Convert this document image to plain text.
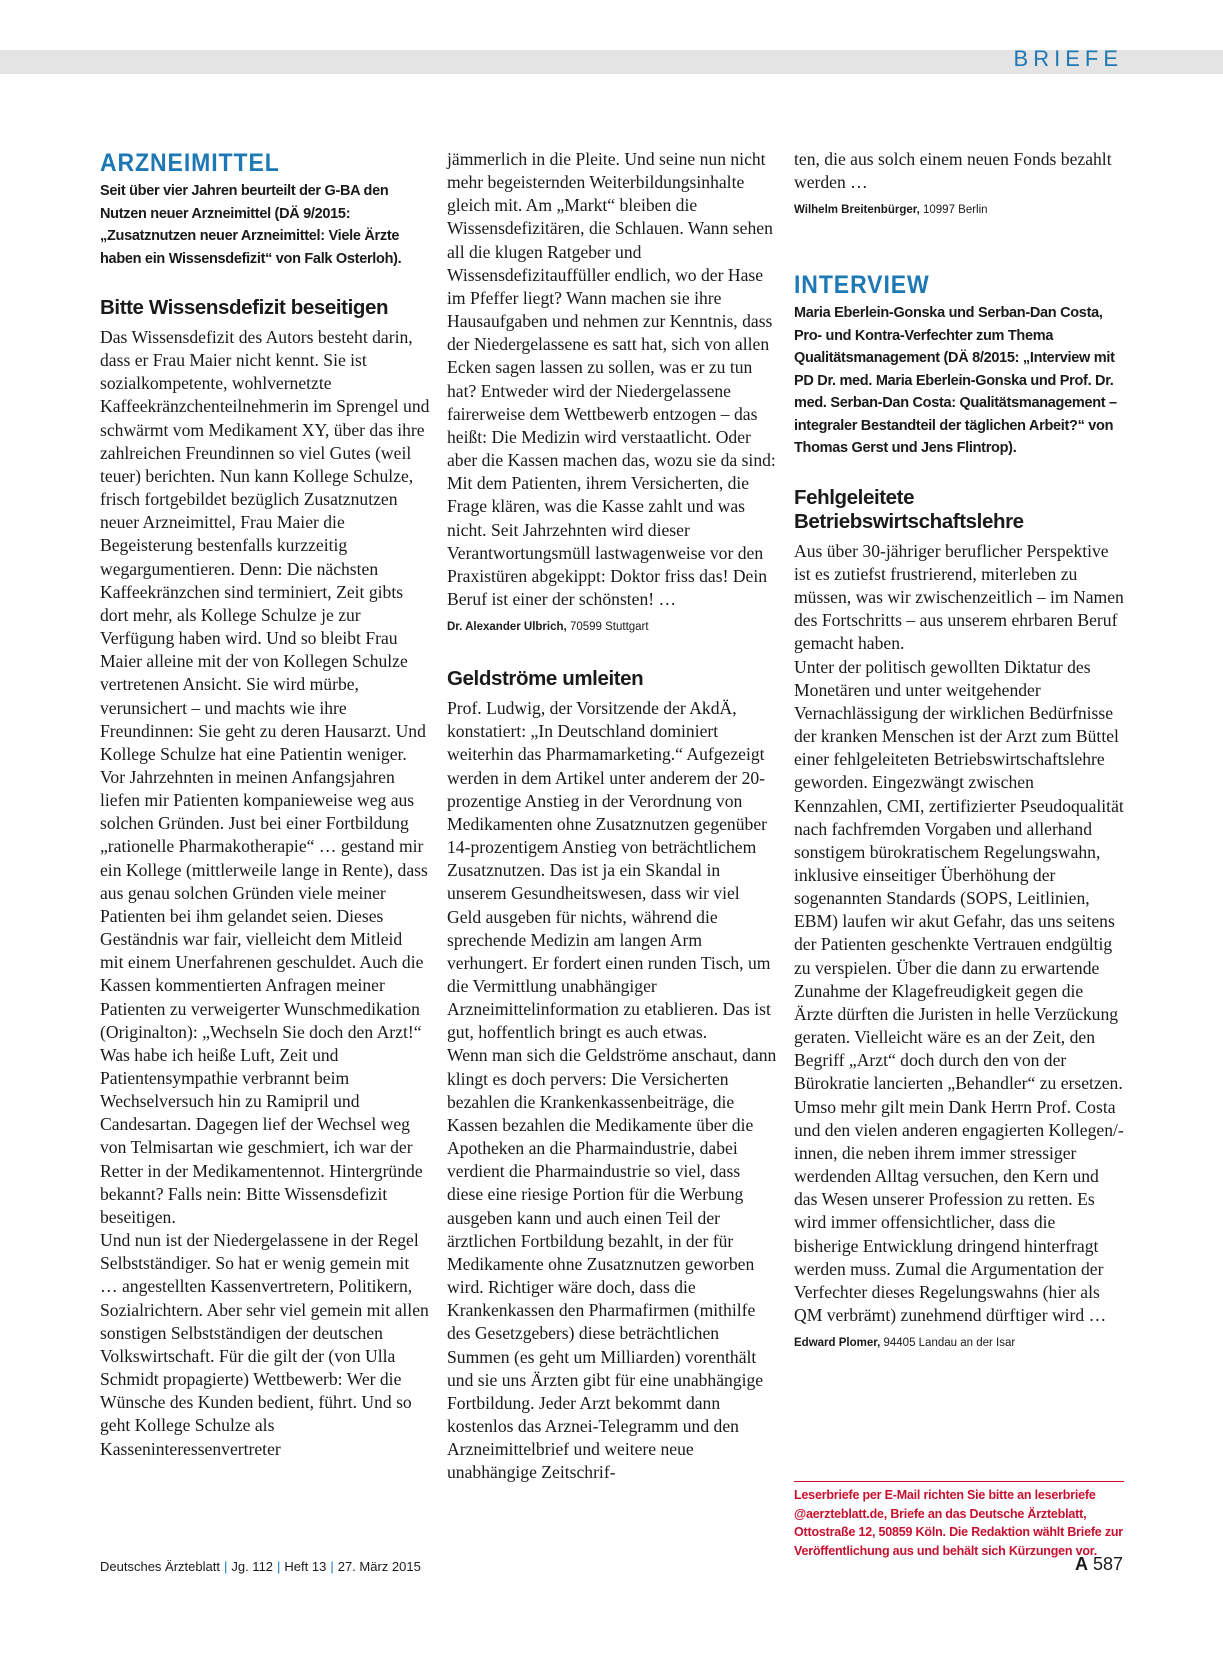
BRIEFE
ARZNEIMITTEL

Seit über vier Jahren beurteilt der G-BA den Nutzen neuer Arzneimittel (DÄ 9/2015: „Zusatznutzen neuer Arzneimittel: Viele Ärzte haben ein Wissensdefizit“ von Falk Osterloh).

Bitte Wissensdefizit beseitigen

Das Wissensdefizit des Autors besteht darin, dass er Frau Maier nicht kennt. Sie ist sozialkompetente, wohlvernetzte Kaffeekränzchenteilnehmerin im Sprengel und schwärmt vom Medikament XY, über das ihre zahlreichen Freundinnen so viel Gutes (weil teuer) berichten. Nun kann Kollege Schulze, frisch fortgebildet bezüglich Zusatznutzen neuer Arzneimittel, Frau Maier die Begeisterung bestenfalls kurzzeitig wegargumentieren. Denn: Die nächsten Kaffeekränzchen sind terminiert, Zeit gibts dort mehr, als Kollege Schulze je zur Verfügung haben wird. Und so bleibt Frau Maier alleine mit der von Kollegen Schulze vertretenen Ansicht. Sie wird mürbe, verunsichert – und machts wie ihre Freundinnen: Sie geht zu deren Hausarzt. Und Kollege Schulze hat eine Patientin weniger.
Vor Jahrzehnten in meinen Anfangsjahren liefen mir Patienten kompanieweise weg aus solchen Gründen. Just bei einer Fortbildung „rationelle Pharmakotherapie“ … gestand mir ein Kollege (mittlerweile lange in Rente), dass aus genau solchen Gründen viele meiner Patienten bei ihm gelandet seien. Dieses Geständnis war fair, vielleicht dem Mitleid mit einem Unerfahrenen geschuldet. Auch die Kassen kommentierten Anfragen meiner Patienten zu verweigerter Wunschmedikation (Originalton): „Wechseln Sie doch den Arzt!“
Was habe ich heiße Luft, Zeit und Patientensympathie verbrannt beim Wechselversuch hin zu Ramipril und Candesartan. Dagegen lief der Wechsel weg von Telmisartan wie geschmiert, ich war der Retter in der Medikamentennot. Hintergründe bekannt? Falls nein: Bitte Wissensdefizit beseitigen.
Und nun ist der Niedergelassene in der Regel Selbstständiger. So hat er wenig gemein mit … angestellten Kassenvertretern, Politikern, Sozialrichtern. Aber sehr viel gemein mit allen sonstigen Selbstständigen der deutschen Volkswirtschaft. Für die gilt der (von Ulla Schmidt propagierte) Wettbewerb: Wer die Wünsche des Kunden bedient, führt. Und so geht Kollege Schulze als Kasseninteressenvertreter

jämmerlich in die Pleite. Und seine nun nicht mehr begeisternden Weiterbildungsinhalte gleich mit. Am „Markt“ bleiben die Wissensdefizitären, die Schlauen. Wann sehen all die klugen Ratgeber und Wissensdefizitauffüller endlich, wo der Hase im Pfeffer liegt? Wann machen sie ihre Hausaufgaben und nehmen zur Kenntnis, dass der Niedergelassene es satt hat, sich von allen Ecken sagen lassen zu sollen, was er zu tun hat? Entweder wird der Niedergelassene fairerweise dem Wettbewerb entzogen – das heißt: Die Medizin wird verstaatlicht. Oder aber die Kassen machen das, wozu sie da sind: Mit dem Patienten, ihrem Versicherten, die Frage klären, was die Kasse zahlt und was nicht. Seit Jahrzehnten wird dieser Verantwortungsmüll lastwagenweise vor den Praxistüren abgekippt: Doktor friss das! Dein Beruf ist einer der schönsten! …

Dr. Alexander Ulbrich, 70599 Stuttgart

Geldströme umleiten

Prof. Ludwig, der Vorsitzende der AkdÄ, konstatiert: „In Deutschland dominiert weiterhin das Pharmamarketing.“ Aufgezeigt werden in dem Artikel unter anderem der 20-prozentige Anstieg in der Verordnung von Medikamenten ohne Zusatznutzen gegenüber 14-prozentigem Anstieg von beträchtlichem Zusatznutzen. Das ist ja ein Skandal in unserem Gesundheitswesen, dass wir viel Geld ausgeben für nichts, während die sprechende Medizin am langen Arm verhungert. Er fordert einen runden Tisch, um die Vermittlung unabhängiger Arzneimittelinformation zu etablieren. Das ist gut, hoffentlich bringt es auch etwas.
Wenn man sich die Geldströme anschaut, dann klingt es doch pervers: Die Versicherten bezahlen die Krankenkassenbeiträge, die Kassen bezahlen die Medikamente über die Apotheken an die Pharmaindustrie, dabei verdient die Pharmaindustrie so viel, dass diese eine riesige Portion für die Werbung ausgeben kann und auch einen Teil der ärztlichen Fortbildung bezahlt, in der für Medikamente ohne Zusatznutzen geworben wird. Richtiger wäre doch, dass die Krankenkassen den Pharmafirmen (mithilfe des Gesetzgebers) diese beträchtlichen Summen (es geht um Milliarden) vorenthält und sie uns Ärzten gibt für eine unabhängige Fortbildung. Jeder Arzt bekommt dann kostenlos das Arznei-Telegramm und den Arzneimittelbrief und weitere neue unabhängige Zeitschrif-

ten, die aus solch einem neuen Fonds bezahlt werden …

Wilhelm Breitenbürger, 10997 Berlin

INTERVIEW

Maria Eberlein-Gonska und Serban-Dan Costa, Pro- und Kontra-Verfechter zum Thema Qualitätsmanagement (DÄ 8/2015: „Interview mit PD Dr. med. Maria Eberlein-Gonska und Prof. Dr. med. Serban-Dan Costa: Qualitätsmanagement – integraler Bestandteil der täglichen Arbeit?“ von Thomas Gerst und Jens Flintrop).

Fehlgeleitete Betriebswirtschaftslehre

Aus über 30-jähriger beruflicher Perspektive ist es zutiefst frustrierend, miterleben zu müssen, was wir zwischenzeitlich – im Namen des Fortschritts – aus unserem ehrbaren Beruf gemacht haben.
Unter der politisch gewollten Diktatur des Monetären und unter weitgehender Vernachlässigung der wirklichen Bedürfnisse der kranken Menschen ist der Arzt zum Büttel einer fehlgeleiteten Betriebswirtschaftslehre geworden. Eingezwängt zwischen Kennzahlen, CMI, zertifizierter Pseudoqualität nach fachfremden Vorgaben und allerhand sonstigem bürokratischem Regelungswahn, inklusive einseitiger Überhöhung der sogenannten Standards (SOPS, Leitlinien, EBM) laufen wir akut Gefahr, das uns seitens der Patienten geschenkte Vertrauen endgültig zu verspielen. Über die dann zu erwartende Zunahme der Klagefreudigkeit gegen die Ärzte dürften die Juristen in helle Verzückung geraten. Vielleicht wäre es an der Zeit, den Begriff „Arzt“ doch durch den von der Bürokratie lancierten „Behandler“ zu ersetzen. Umso mehr gilt mein Dank Herrn Prof. Costa und den vielen anderen engagierten Kollegen/-innen, die neben ihrem immer stressiger werdenden Alltag versuchen, den Kern und das Wesen unserer Profession zu retten. Es wird immer offensichtlicher, dass die bisherige Entwicklung dringend hinterfragt werden muss. Zumal die Argumentation der Verfechter dieses Regelungswahns (hier als QM verbrämt) zunehmend dürftiger wird …

Edward Plomer, 94405 Landau an der Isar

Leserbriefe per E-Mail richten Sie bitte an leserbriefe @aerzteblatt.de, Briefe an das Deutsche Ärzteblatt, Ottostraße 12, 50859 Köln. Die Redaktion wählt Briefe zur Veröffentlichung aus und behält sich Kürzungen vor.
Deutsches Ärzteblatt | Jg. 112 | Heft 13 | 27. März 2015	A 587
